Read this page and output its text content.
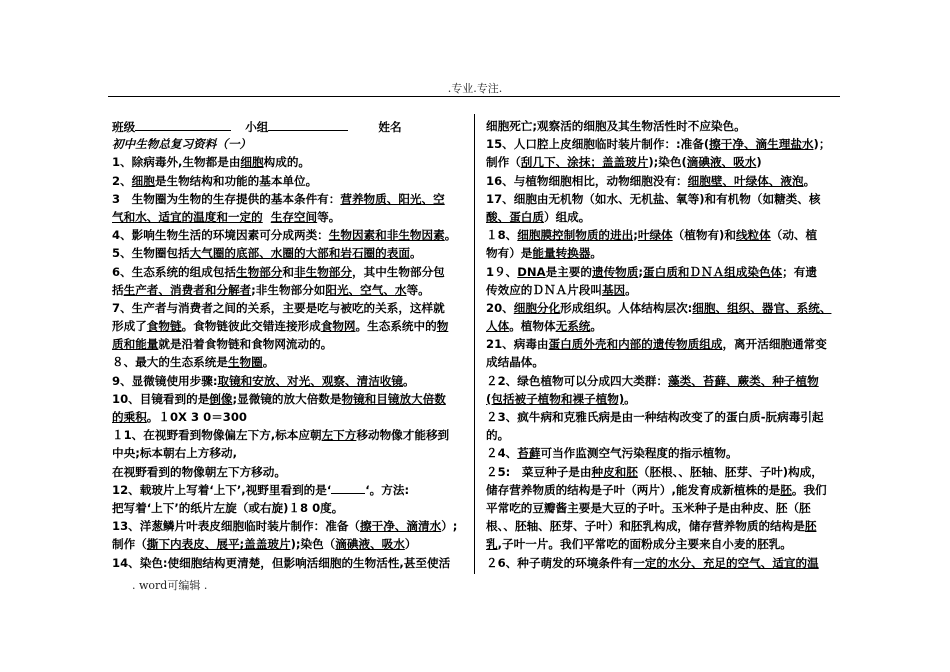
.专业.专注.
班级	小组	姓名
初中生物总复习资料（一）
1、除病毒外,生物都是由细胞构成的。
2、细胞是生物结构和功能的基本单位。
3　生物圈为生物的生存提供的基本条件有：营养物质、阳光、空
气和水、适宜的温度和一定的 生存空间等。
4、影响生物生活的环境因素可分成两类：生物因素和非生物因素。
5、生物圈包括大气圈的底部、水圈的大部和岩石圈的表面。
6、生态系统的组成包括生物部分和非生物部分，其中生物部分包
括生产者、消费者和分解者;非生物部分如阳光、空气、水等。
7、生产者与消费者之间的关系，主要是吃与被吃的关系，这样就
形成了食物链。食物链彼此交错连接形成食物网。生态系统中的物
质和能量就是沿着食物链和食物网流动的。
８、最大的生态系统是生物圈。
9、显微镜使用步骤:取镜和安放、对光、观察、清洁收镜。
10、目镜看到的是倒像;显微镜的放大倍数是物镜和目镜放大倍数
的乘积。１0X 3 0＝300
１1、在视野看到物像偏左下方,标本应朝左下方移动物像才能移到
中央;标本朝右上方移动,
在视野看到的物像朝左下方移动。
12、载玻片上写着‘上下’,视野里看到的是‘	‘。方法:
把写着‘上下’的纸片左旋（或右旋)１8 0度。
13、洋葱鳞片叶表皮细胞临时装片制作：准备（擦干净、滴清水）;
制作（撕下内表皮、展平;盖盖玻片);染色（滴碘液、吸水）
14、染色:使细胞结构更清楚，但影响活细胞的生物活性,甚至使活
细胞死亡;观察活的细胞及其生物活性时不应染色。
15、人口腔上皮细胞临时装片制作：:准备(擦干净、滴生理盐水)；
制作（刮几下、涂抹；盖盖玻片);染色(滴碘液、吸水)
16、与植物细胞相比，动物细胞没有：细胞壁、叶绿体、液泡。
17、细胞由无机物（如水、无机盐、氧等)和有机物（如糖类、核
酸、蛋白质）组成。
１8、细胞膜控制物质的进出;叶绿体（植物有)和线粒体（动、植
物有）是能量转换器。
1９、DNA是主要的遗传物质;蛋白质和ＤＮＡ组成染色体；有遗
传效应的ＤＮＡ片段叫基因。
20、细胞分化形成组织。人体结构层次:细胞、组织、器官、系统、
人体。植物体无系统。
21、病毒由蛋白质外壳和内部的遗传物质组成，离开活细胞通常变
成结晶体。
２2、绿色植物可以分成四大类群：藻类、苔藓、蕨类、种子植物
(包括被子植物和裸子植物)。
２3、疯牛病和克雅氏病是由一种结构改变了的蛋白质-朊病毒引起
的。
２4、苔藓可当作监测空气污染程度的指示植物。
２5:　菜豆种子是由种皮和胚（胚根、、胚轴、胚芽、子叶)构成，
储存营养物质的结构是子叶（两片）,能发育成新植株的是胚。我们
平常吃的豆瓣酱主要是大豆的子叶。玉米种子是由种皮、胚（胚
根、、胚轴、胚芽、子叶）和胚乳构成，储存营养物质的结构是胚
乳,子叶一片。我们平常吃的面粉成分主要来自小麦的胚乳。
２6、种子萌发的环境条件有一定的水分、充足的空气、适宜的温
. word可编辑 .
